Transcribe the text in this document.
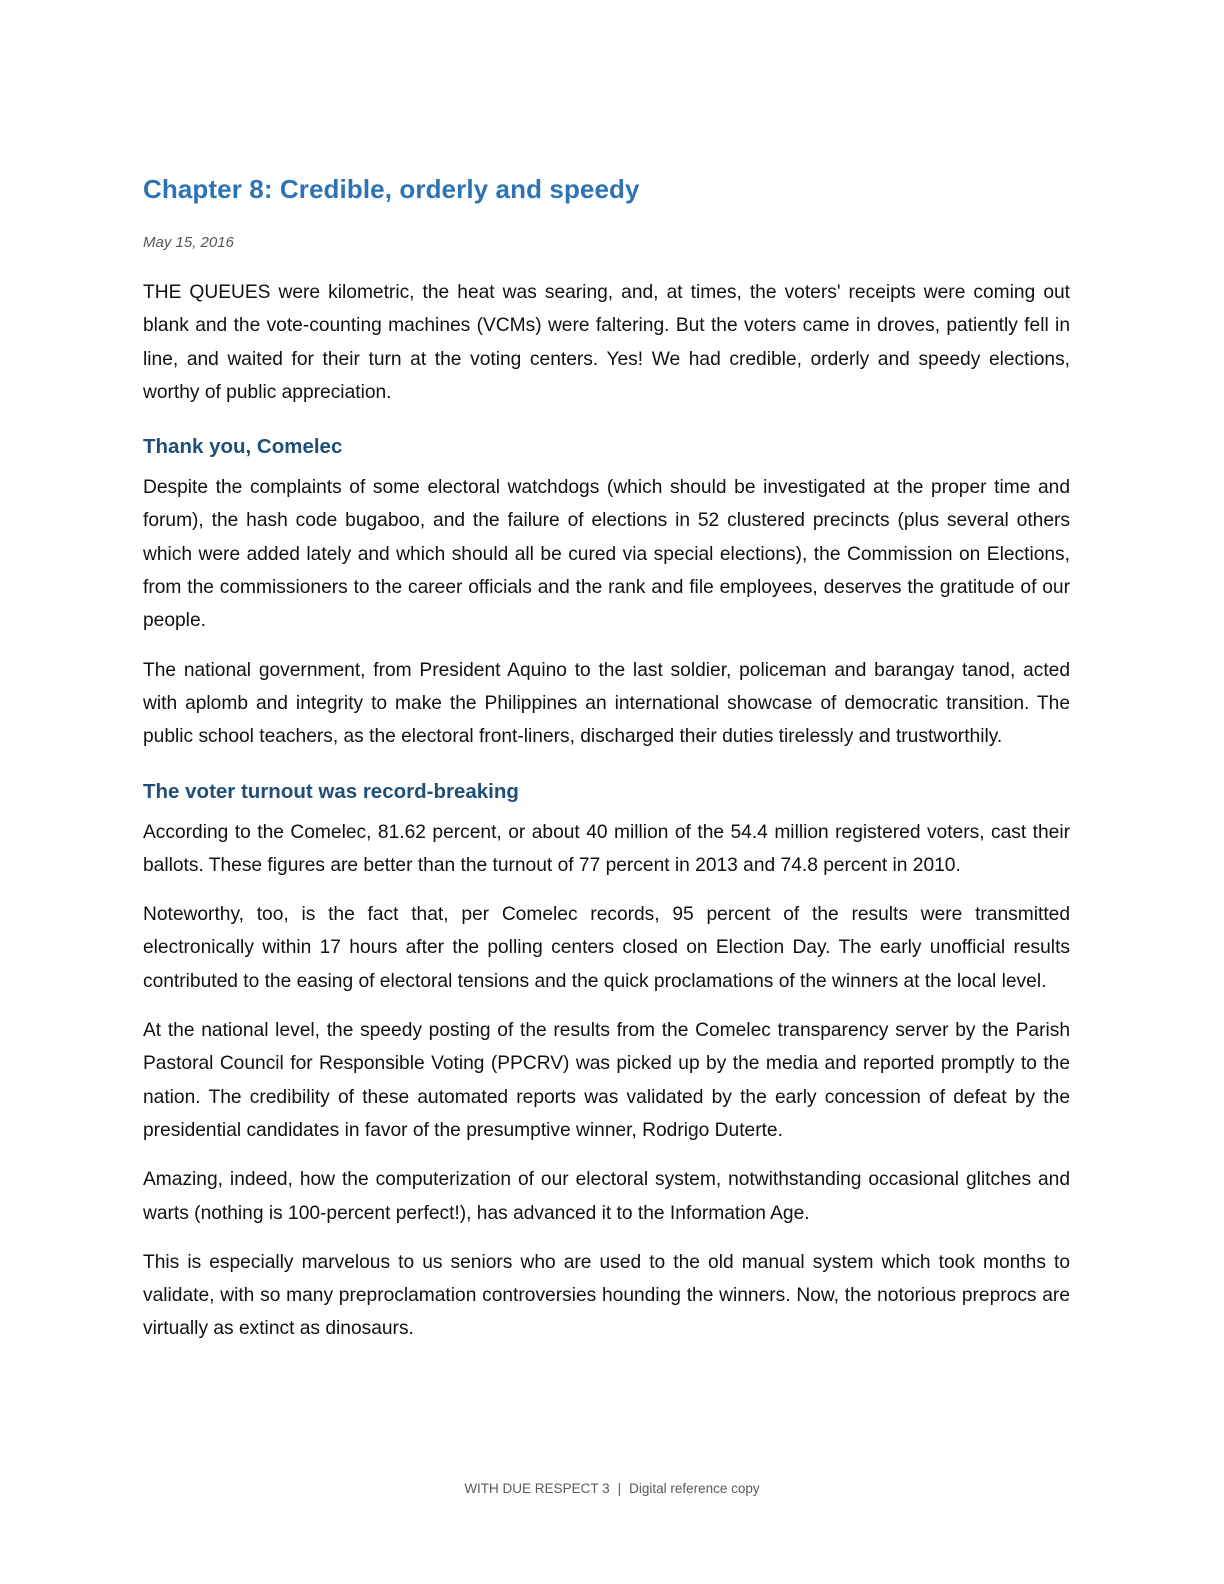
Chapter 8: Credible, orderly and speedy
May 15, 2016

THE QUEUES were kilometric, the heat was searing, and, at times, the voters' receipts were coming out blank and the vote-counting machines (VCMs) were faltering. But the voters came in droves, patiently fell in line, and waited for their turn at the voting centers. Yes! We had credible, orderly and speedy elections, worthy of public appreciation.

Thank you, Comelec

Despite the complaints of some electoral watchdogs (which should be investigated at the proper time and forum), the hash code bugaboo, and the failure of elections in 52 clustered precincts (plus several others which were added lately and which should all be cured via special elections), the Commission on Elections, from the commissioners to the career officials and the rank and file employees, deserves the gratitude of our people.

The national government, from President Aquino to the last soldier, policeman and barangay tanod, acted with aplomb and integrity to make the Philippines an international showcase of democratic transition. The public school teachers, as the electoral front-liners, discharged their duties tirelessly and trustworthily.

The voter turnout was record-breaking

According to the Comelec, 81.62 percent, or about 40 million of the 54.4 million registered voters, cast their ballots. These figures are better than the turnout of 77 percent in 2013 and 74.8 percent in 2010.

Noteworthy, too, is the fact that, per Comelec records, 95 percent of the results were transmitted electronically within 17 hours after the polling centers closed on Election Day. The early unofficial results contributed to the easing of electoral tensions and the quick proclamations of the winners at the local level.

At the national level, the speedy posting of the results from the Comelec transparency server by the Parish Pastoral Council for Responsible Voting (PPCRV) was picked up by the media and reported promptly to the nation. The credibility of these automated reports was validated by the early concession of defeat by the presidential candidates in favor of the presumptive winner, Rodrigo Duterte.

Amazing, indeed, how the computerization of our electoral system, notwithstanding occasional glitches and warts (nothing is 100-percent perfect!), has advanced it to the Information Age.

This is especially marvelous to us seniors who are used to the old manual system which took months to validate, with so many preproclamation controversies hounding the winners. Now, the notorious preprocs are virtually as extinct as dinosaurs.

WITH DUE RESPECT 3 | Digital reference copy
